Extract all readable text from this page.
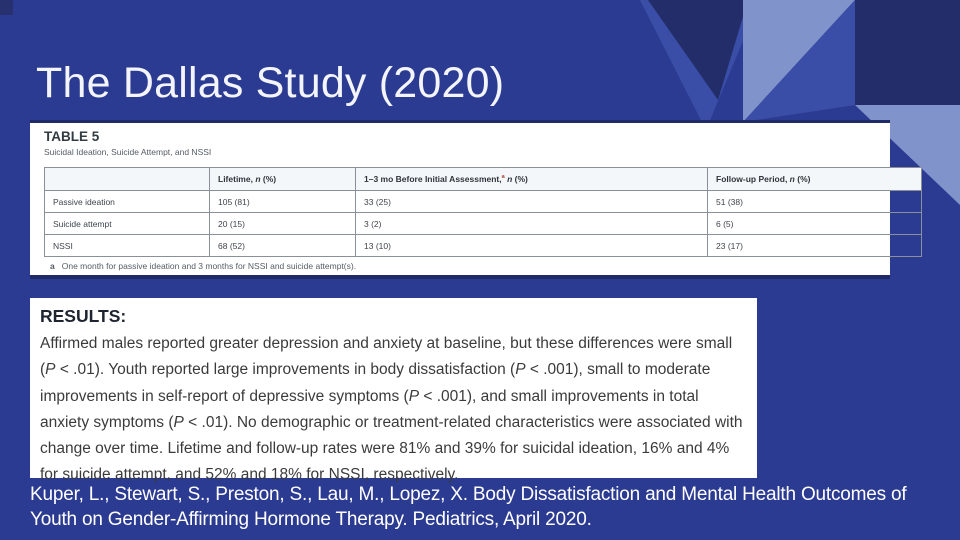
The Dallas Study (2020)
TABLE 5
Suicidal Ideation, Suicide Attempt, and NSSI
	Lifetime, n (%)	1–3 mo Before Initial Assessment,$^a$ n (%)	Follow-up Period, n (%)
Passive ideation	105 (81)	33 (25)	51 (38)
Suicide attempt	20 (15)	3 (2)	6 (5)
NSSI	68 (52)	13 (10)	23 (17)
a One month for passive ideation and 3 months for NSSI and suicide attempt(s).
RESULTS:
Affirmed males reported greater depression and anxiety at baseline, but these differences were small (P < .01). Youth reported large improvements in body dissatisfaction (P < .001), small to moderate improvements in self-report of depressive symptoms (P < .001), and small improvements in total anxiety symptoms (P < .01). No demographic or treatment-related characteristics were associated with change over time. Lifetime and follow-up rates were 81% and 39% for suicidal ideation, 16% and 4% for suicide attempt, and 52% and 18% for NSSI, respectively.
Kuper, L., Stewart, S., Preston, S., Lau, M., Lopez, X. Body Dissatisfaction and Mental Health Outcomes of
Youth on Gender-Affirming Hormone Therapy. Pediatrics, April 2020.
